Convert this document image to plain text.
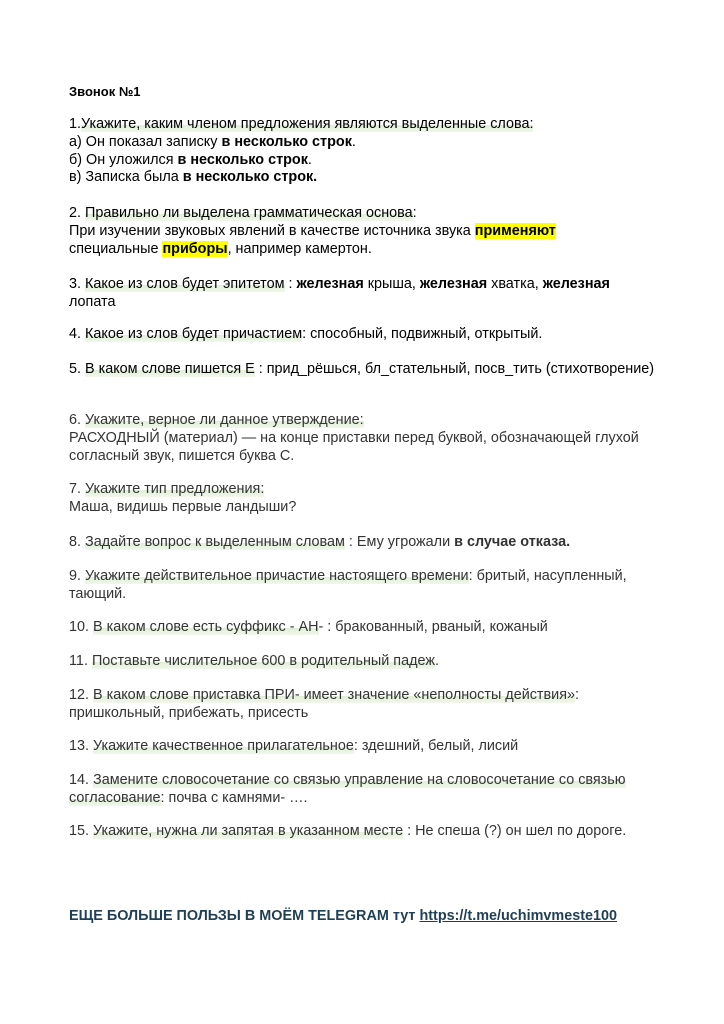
Звонок №1
1.Укажите, каким членом предложения являются выделенные слова:
а) Он показал записку в несколько строк.
б) Он уложился в несколько строк.
в) Записка была в несколько строк.
2. Правильно ли выделена грамматическая основа:
При изучении звуковых явлений в качестве источника звука применяют
специальные приборы, например камертон.
3. Какое из слов будет эпитетом : железная крыша, железная хватка, железная лопата
4. Какое из слов будет причастием: способный, подвижный, открытый.
5. В каком слове пишется Е : прид_рёшься, бл_стательный, посв_тить (стихотворение)
6. Укажите, верное ли данное утверждение:
РАСХОДНЫЙ (материал) — на конце приставки перед буквой, обозначающей глухой согласный звук, пишется буква С.
7. Укажите тип предложения:
Маша, видишь первые ландыши?
8. Задайте вопрос к выделенным словам : Ему угрожали в случае отказа.
9. Укажите действительное причастие настоящего времени: бритый, насупленный, тающий.
10. В каком слове есть суффикс - АН- : бракованный, рваный, кожаный
11. Поставьте числительное 600 в родительный падеж.
12. В каком слове приставка ПРИ- имеет значение «неполносты действия»: пришкольный, прибежать, присесть
13. Укажите качественное прилагательное: здешний, белый, лисий
14. Замените словосочетание со связью управление на словосочетание со связью согласование: почва с камнями- ….
15. Укажите, нужна ли запятая в указанном месте : Не спеша (?) он шел по дороге.
ЕЩЕ БОЛЬШЕ ПОЛЬЗЫ В МОЁМ TELEGRAM тут https://t.me/uchimvmeste100
